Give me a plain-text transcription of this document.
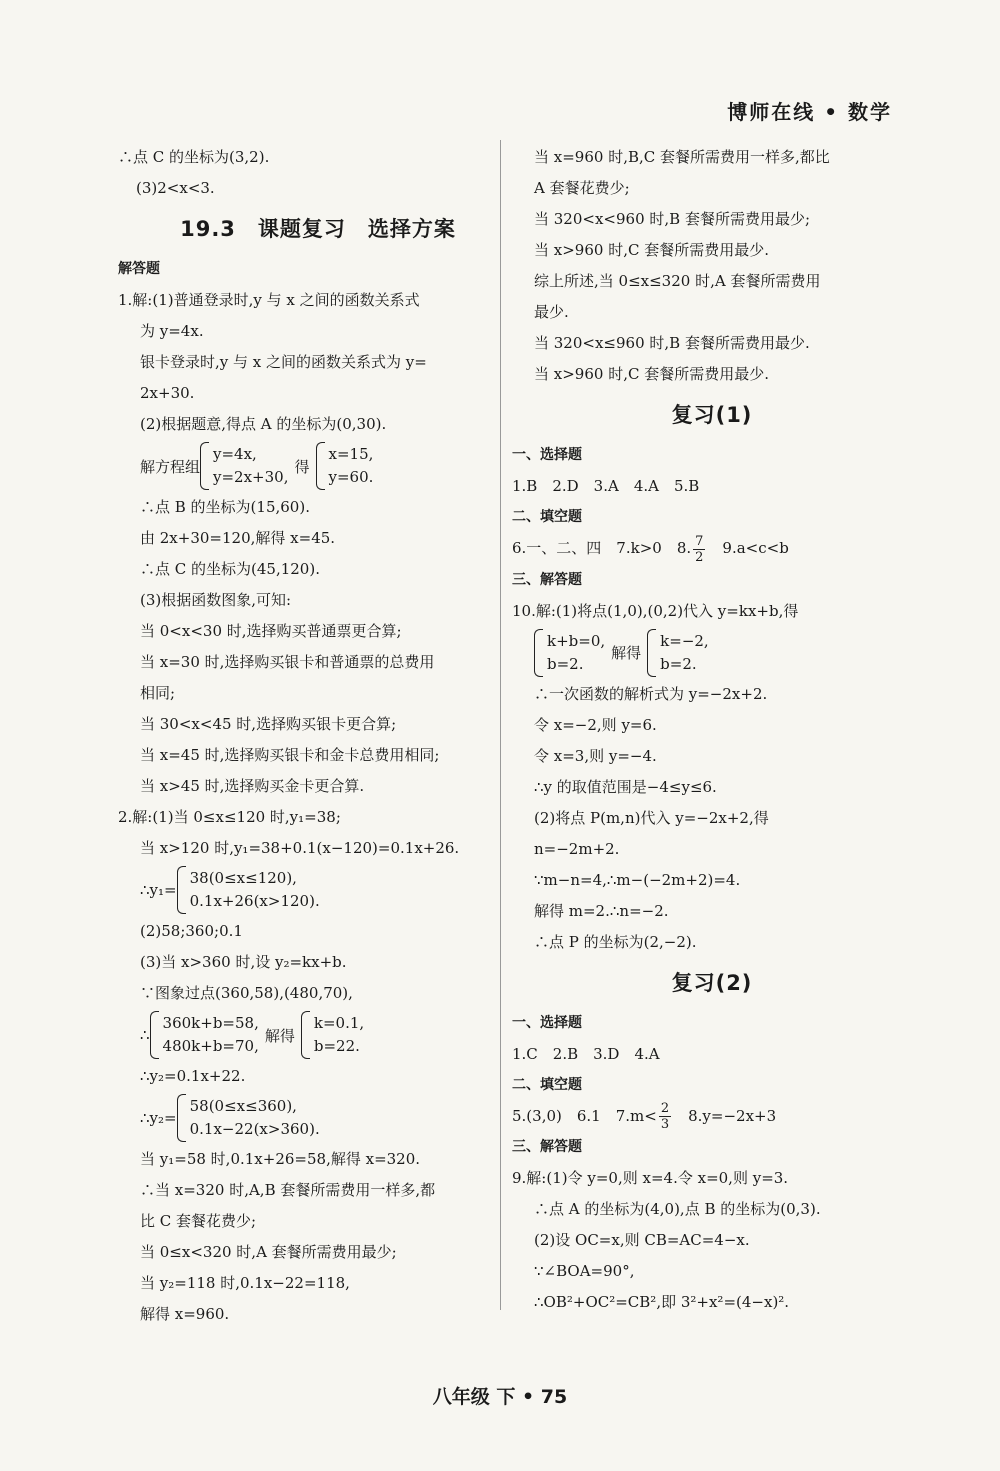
博师在线 • 数学

∴点 C 的坐标为(3,2).

(3)2<x<3.

19.3　课题复习　选择方案

解答题

1.解:(1)普通登录时,y 与 x 之间的函数关系式

为 y=4x.

银卡登录时,y 与 x 之间的函数关系式为 y=

2x+30.

(2)根据题意,得点 A 的坐标为(0,30).

解方程组
y=4x,
y=2x+30,
得
x=15,
y=60.

∴点 B 的坐标为(15,60).

由 2x+30=120,解得 x=45.

∴点 C 的坐标为(45,120).

(3)根据函数图象,可知:

当 0<x<30 时,选择购买普通票更合算;

当 x=30 时,选择购买银卡和普通票的总费用

相同;

当 30<x<45 时,选择购买银卡更合算;

当 x=45 时,选择购买银卡和金卡总费用相同;

当 x>45 时,选择购买金卡更合算.

2.解:(1)当 0≤x≤120 时,y₁=38;

当 x>120 时,y₁=38+0.1(x−120)=0.1x+26.

∴y₁=
38(0≤x≤120),
0.1x+26(x>120).

(2)58;360;0.1

(3)当 x>360 时,设 y₂=kx+b.

∵图象过点(360,58),(480,70),

∴
360k+b=58,
480k+b=70,
解得
k=0.1,
b=22.

∴y₂=0.1x+22.

∴y₂=
58(0≤x≤360),
0.1x−22(x>360).

当 y₁=58 时,0.1x+26=58,解得 x=320.

∴当 x=320 时,A,B 套餐所需费用一样多,都

比 C 套餐花费少;

当 0≤x<320 时,A 套餐所需费用最少;

当 y₂=118 时,0.1x−22=118,

解得 x=960.

当 x=960 时,B,C 套餐所需费用一样多,都比

A 套餐花费少;

当 320<x<960 时,B 套餐所需费用最少;

当 x>960 时,C 套餐所需费用最少.

综上所述,当 0≤x≤320 时,A 套餐所需费用

最少.

当 320<x≤960 时,B 套餐所需费用最少.

当 x>960 时,C 套餐所需费用最少.

复习(1)

一、选择题

1.B　2.D　3.A　4.A　5.B

二、填空题

6.一、二、四　7.k>0　8. $\frac{7}{2}$ 　9.a<c<b

三、解答题

10.解:(1)将点(1,0),(0,2)代入 y=kx+b,得

k+b=0,
b=2.
解得
k=−2,
b=2.

∴一次函数的解析式为 y=−2x+2.

令 x=−2,则 y=6.

令 x=3,则 y=−4.

∴y 的取值范围是−4≤y≤6.

(2)将点 P(m,n)代入 y=−2x+2,得

n=−2m+2.

∵m−n=4,∴m−(−2m+2)=4.

解得 m=2.∴n=−2.

∴点 P 的坐标为(2,−2).

复习(2)

一、选择题

1.C　2.B　3.D　4.A

二、填空题

5.(3,0)　6.1　$7.m< \frac{2}{3}$ 　8.y=−2x+3

三、解答题

9.解:(1)令 y=0,则 x=4.令 x=0,则 y=3.

∴点 A 的坐标为(4,0),点 B 的坐标为(0,3).

(2)设 OC=x,则 CB=AC=4−x.

∵∠BOA=90°,

∴OB²+OC²=CB²,即 3²+x²=(4−x)².

八年级 下 • 75
